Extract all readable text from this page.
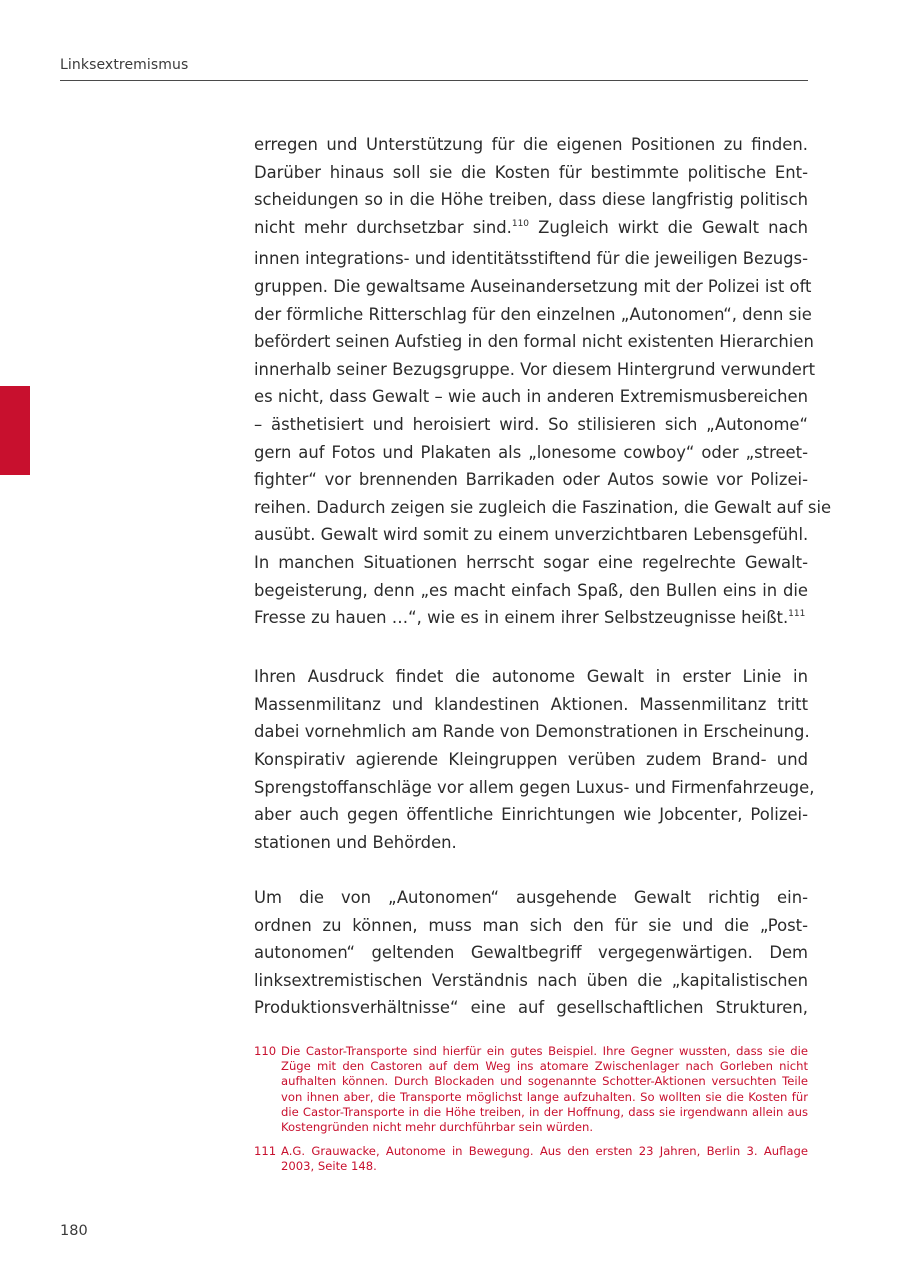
Linksextremismus

erregen und Unterstützung für die eigenen Positionen zu finden.
Darüber hinaus soll sie die Kosten für bestimmte politische Ent-
scheidungen so in die Höhe treiben, dass diese langfristig politisch
nicht mehr durchsetzbar sind.$^{110}$ Zugleich wirkt die Gewalt nach
innen integrations- und identitätsstiftend für die jeweiligen Bezugs-
gruppen. Die gewaltsame Auseinandersetzung mit der Polizei ist oft
der förmliche Ritterschlag für den einzelnen „Autonomen“, denn sie
befördert seinen Aufstieg in den formal nicht existenten Hierarchien
innerhalb seiner Bezugsgruppe. Vor diesem Hintergrund verwundert
es nicht, dass Gewalt – wie auch in anderen Extremismusbereichen
– ästhetisiert und heroisiert wird. So stilisieren sich „Autonome“
gern auf Fotos und Plakaten als „lonesome cowboy“ oder „street-
fighter“ vor brennenden Barrikaden oder Autos sowie vor Polizei-
reihen. Dadurch zeigen sie zugleich die Faszination, die Gewalt auf sie
ausübt. Gewalt wird somit zu einem unverzichtbaren Lebensgefühl.
In manchen Situationen herrscht sogar eine regelrechte Gewalt-
begeisterung, denn „es macht einfach Spaß, den Bullen eins in die
Fresse zu hauen …“, wie es in einem ihrer Selbstzeugnisse heißt.$^{111}$

Ihren Ausdruck findet die autonome Gewalt in erster Linie in
Massenmilitanz und klandestinen Aktionen. Massenmilitanz tritt
dabei vornehmlich am Rande von Demonstrationen in Erscheinung.
Konspirativ agierende Kleingruppen verüben zudem Brand- und
Sprengstoffanschläge vor allem gegen Luxus- und Firmenfahrzeuge,
aber auch gegen öffentliche Einrichtungen wie Jobcenter, Polizei-
stationen und Behörden.

Um die von „Autonomen“ ausgehende Gewalt richtig ein-
ordnen zu können, muss man sich den für sie und die „Post-
autonomen“ geltenden Gewaltbegriff vergegenwärtigen. Dem
linksextremistischen Verständnis nach üben die „kapitalistischen
Produktionsverhältnisse“ eine auf gesellschaftlichen Strukturen,

110 Die Castor-Transporte sind hierfür ein gutes Beispiel. Ihre Gegner wussten, dass sie die
Züge mit den Castoren auf dem Weg ins atomare Zwischenlager nach Gorleben nicht
aufhalten können. Durch Blockaden und sogenannte Schotter-Aktionen versuchten Teile
von ihnen aber, die Transporte möglichst lange aufzuhalten. So wollten sie die Kosten für
die Castor-Transporte in die Höhe treiben, in der Hoffnung, dass sie irgendwann allein aus
Kostengründen nicht mehr durchführbar sein würden.
111 A.G. Grauwacke, Autonome in Bewegung. Aus den ersten 23 Jahren, Berlin 3. Auflage
2003, Seite 148.
180
